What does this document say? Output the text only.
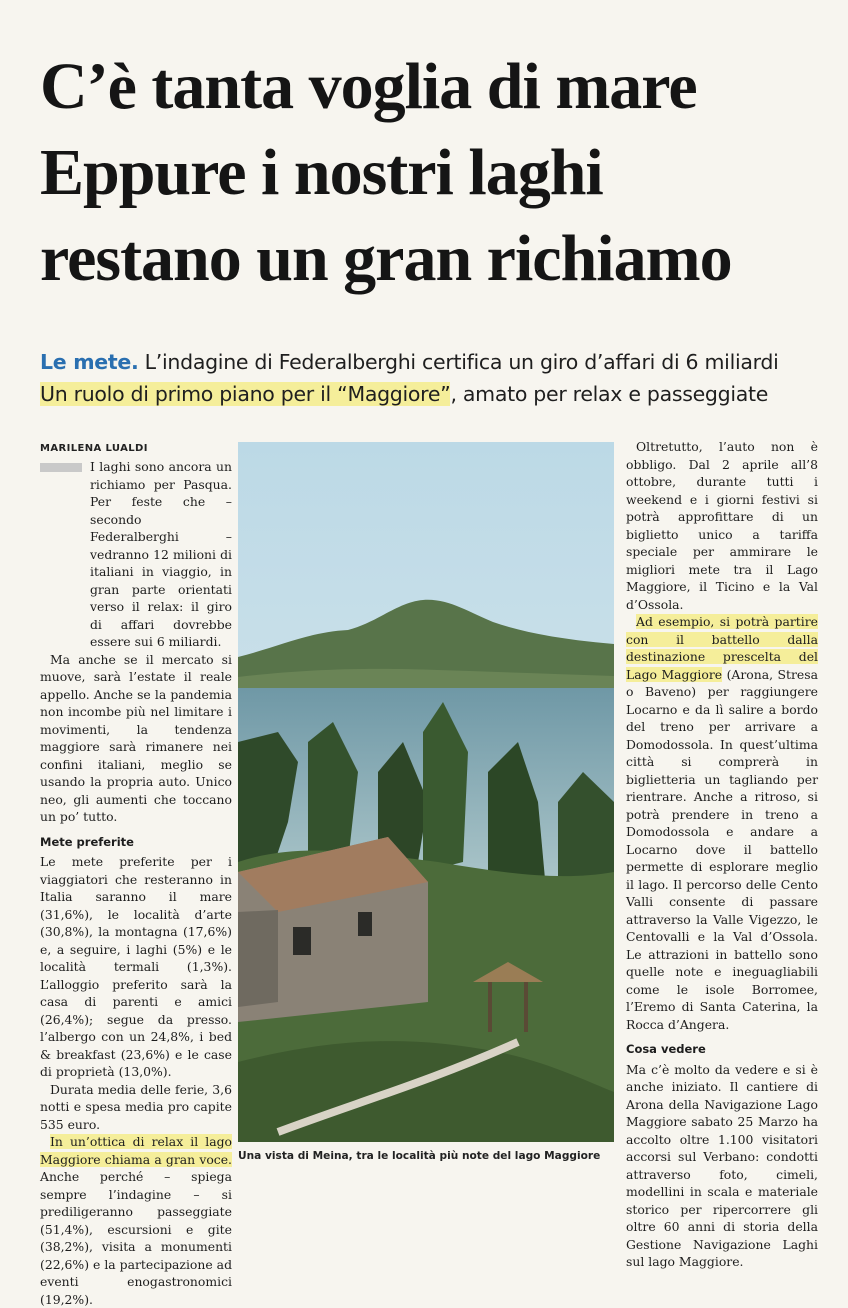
C’è tanta voglia di mare
Eppure i nostri laghi
restano un gran richiamo
Le mete. L’indagine di Federalberghi certifica un giro d’affari di 6 miliardi
Un ruolo di primo piano per il “Maggiore”, amato per relax e passeggiate
MARILENA LUALDI

I laghi sono ancora un richiamo per Pasqua. Per feste che – secondo Federalberghi – vedranno 12 milioni di italiani in viaggio, in gran parte orientati verso il relax: il giro di affari dovrebbe essere sui 6 miliardi.

Ma anche se il mercato si muove, sarà l’estate il reale appello. Anche se la pandemia non incombe più nel limitare i movimenti, la tendenza maggiore sarà rimanere nei confini italiani, meglio se usando la propria auto. Unico neo, gli aumenti che toccano un po’ tutto.

Mete preferite

Le mete preferite per i viaggiatori che resteranno in Italia saranno il mare (31,6%), le località d’arte (30,8%), la montagna (17,6%) e, a seguire, i laghi (5%) e le località termali (1,3%). L’alloggio preferito sarà la casa di parenti e amici (26,4%); segue da presso. l’albergo con un 24,8%, i bed & breakfast (23,6%) e le case di proprietà (13,0%).

Durata media delle ferie, 3,6 notti e spesa media pro capite 535 euro.

In un’ottica di relax il lago Maggiore chiama a gran voce. Anche perché – spiega sempre l’indagine – si prediligeranno passeggiate (51,4%), escursioni e gite (38,2%), visita a monumenti (22,6%) e la partecipazione ad eventi enogastronomici (19,2%).

Una vista di Meina, tra le località più note del lago Maggiore

Oltretutto, l’auto non è obbligo. Dal 2 aprile all’8 ottobre, durante tutti i weekend e i giorni festivi si potrà approfittare di un biglietto unico a tariffa speciale per ammirare le migliori mete tra il Lago Maggiore, il Ticino e la Val d’Ossola.

Ad esempio, si potrà partire con il battello dalla destinazione prescelta del Lago Maggiore (Arona, Stresa o Baveno) per raggiungere Locarno e da lì salire a bordo del treno per arrivare a Domodossola. In quest’ultima città si comprerà in biglietteria un tagliando per rientrare. Anche a ritroso, si potrà prendere in treno a Domodossola e andare a Locarno dove il battello permette di esplorare meglio il lago. Il percorso delle Cento Valli consente di passare attraverso la Valle Vigezzo, le Centovalli e la Val d’Ossola. Le attrazioni in battello sono quelle note e ineguagliabili come le isole Borromee, l’Eremo di Santa Caterina, la Rocca d’Angera.

Cosa vedere

Ma c’è molto da vedere e si è anche iniziato. Il cantiere di Arona della Navigazione Lago Maggiore sabato 25 Marzo ha accolto oltre 1.100 visitatori accorsi sul Verbano: condotti attraverso foto, cimeli, modellini in scala e materiale storico per ripercorrere gli oltre 60 anni di storia della Gestione Navigazione Laghi sul lago Maggiore.
